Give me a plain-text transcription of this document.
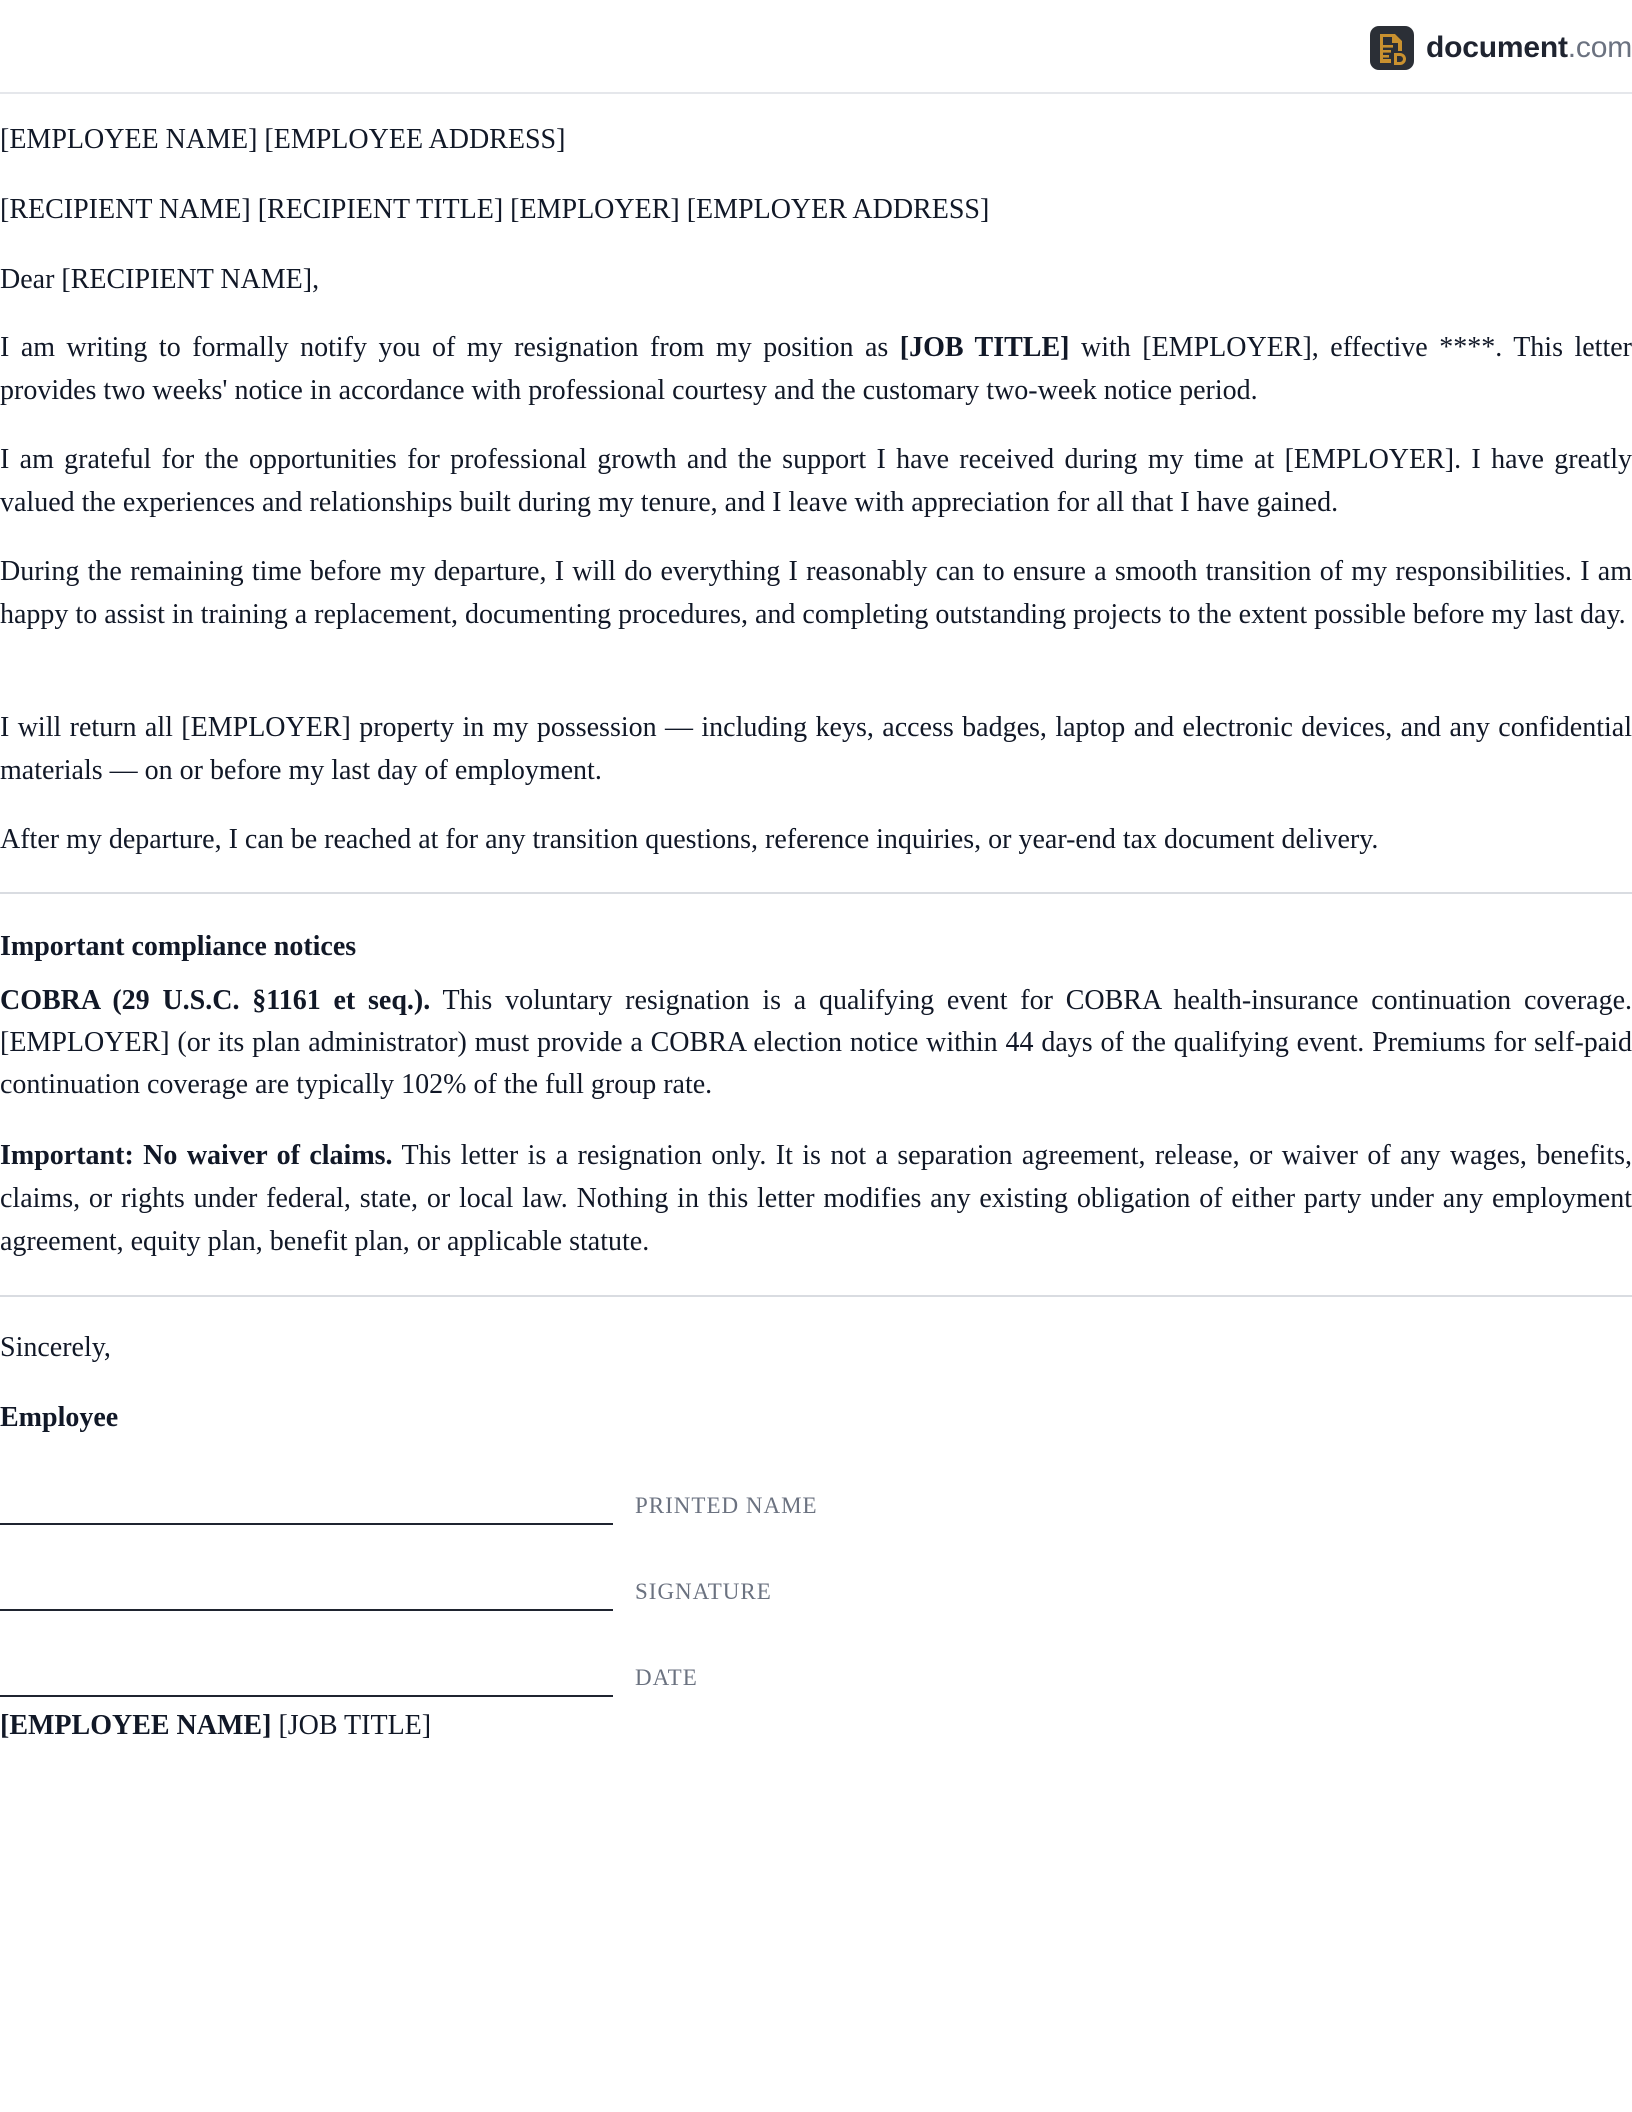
document.com

[EMPLOYEE NAME] [EMPLOYEE ADDRESS]

[RECIPIENT NAME] [RECIPIENT TITLE] [EMPLOYER] [EMPLOYER ADDRESS]

Dear [RECIPIENT NAME],

I am writing to formally notify you of my resignation from my position as [JOB TITLE] with [EMPLOYER], effective ****. This letter provides two weeks' notice in accordance with professional courtesy and the customary two-week notice period.

I am grateful for the opportunities for professional growth and the support I have received during my time at [EMPLOYER]. I have greatly valued the experiences and relationships built during my tenure, and I leave with appreciation for all that I have gained.

During the remaining time before my departure, I will do everything I reasonably can to ensure a smooth transition of my responsibilities. I am happy to assist in training a replacement, documenting procedures, and completing outstanding projects to the extent possible before my last day.

I will return all [EMPLOYER] property in my possession — including keys, access badges, laptop and electronic devices, and any confidential materials — on or before my last day of employment.

After my departure, I can be reached at for any transition questions, reference inquiries, or year-end tax document delivery.

Important compliance notices

COBRA (29 U.S.C. §1161 et seq.). This voluntary resignation is a qualifying event for COBRA health-insurance continuation coverage. [EMPLOYER] (or its plan administrator) must provide a COBRA election notice within 44 days of the qualifying event. Premiums for self-paid continuation coverage are typically 102% of the full group rate.

Important: No waiver of claims. This letter is a resignation only. It is not a separation agreement, release, or waiver of any wages, benefits, claims, or rights under federal, state, or local law. Nothing in this letter modifies any existing obligation of either party under any employment agreement, equity plan, benefit plan, or applicable statute.

Sincerely,

Employee

PRINTED NAME
SIGNATURE
DATE

[EMPLOYEE NAME] [JOB TITLE]
